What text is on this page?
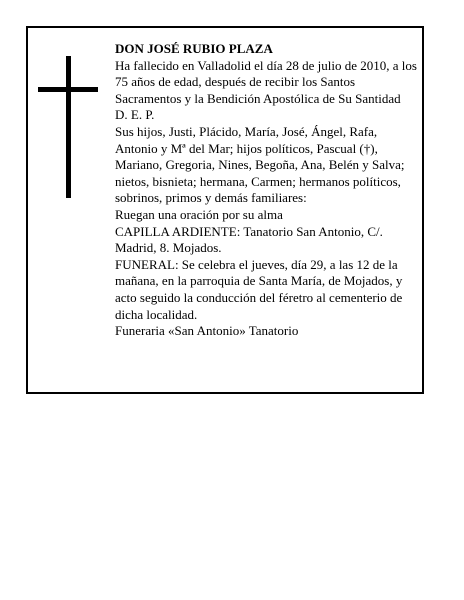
DON JOSÉ RUBIO PLAZA

Ha fallecido en Valladolid el día 28 de julio de 2010, a los 75 años de edad, después de recibir los Santos Sacramentos y la Bendición Apostólica de Su Santidad

D. E. P.

Sus hijos, Justi, Plácido, María, José, Ángel, Rafa, Antonio y Mª del Mar; hijos políticos, Pascual (†), Mariano, Gregoria, Nines, Begoña, Ana, Belén y Salva; nietos, bisnieta; hermana, Carmen; hermanos políticos, sobrinos, primos y demás familiares:

Ruegan una oración por su alma

CAPILLA ARDIENTE: Tanatorio San Antonio, C/. Madrid, 8. Mojados.

FUNERAL: Se celebra el jueves, día 29, a las 12 de la mañana, en la parroquia de Santa María, de Mojados, y acto seguido la conducción del féretro al cementerio de dicha localidad.

Funeraria «San Antonio» Tanatorio
